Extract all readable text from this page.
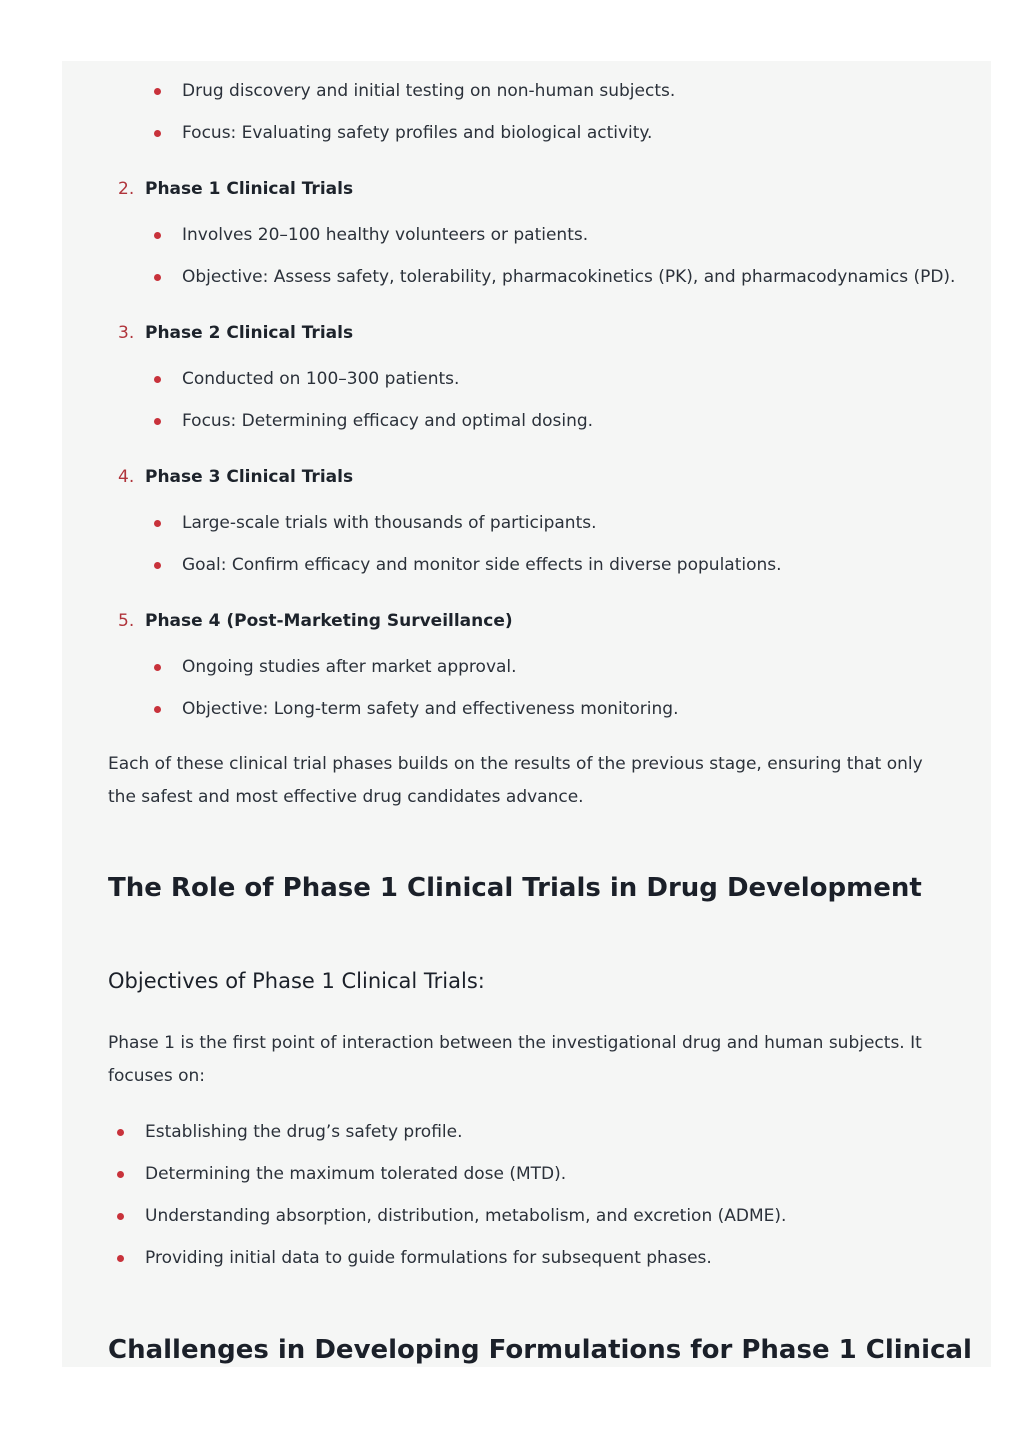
Drug discovery and initial testing on non-human subjects.
Focus: Evaluating safety profiles and biological activity.
2. Phase 1 Clinical Trials
Involves 20–100 healthy volunteers or patients.
Objective: Assess safety, tolerability, pharmacokinetics (PK), and pharmacodynamics (PD).
3. Phase 2 Clinical Trials
Conducted on 100–300 patients.
Focus: Determining efficacy and optimal dosing.
4. Phase 3 Clinical Trials
Large-scale trials with thousands of participants.
Goal: Confirm efficacy and monitor side effects in diverse populations.
5. Phase 4 (Post-Marketing Surveillance)
Ongoing studies after market approval.
Objective: Long-term safety and effectiveness monitoring.

Each of these clinical trial phases builds on the results of the previous stage, ensuring that only the safest and most effective drug candidates advance.

The Role of Phase 1 Clinical Trials in Drug Development
Objectives of Phase 1 Clinical Trials:

Phase 1 is the first point of interaction between the investigational drug and human subjects. It focuses on:

Establishing the drug’s safety profile.
Determining the maximum tolerated dose (MTD).
Understanding absorption, distribution, metabolism, and excretion (ADME).
Providing initial data to guide formulations for subsequent phases.
Challenges in Developing Formulations for Phase 1 Clinical
